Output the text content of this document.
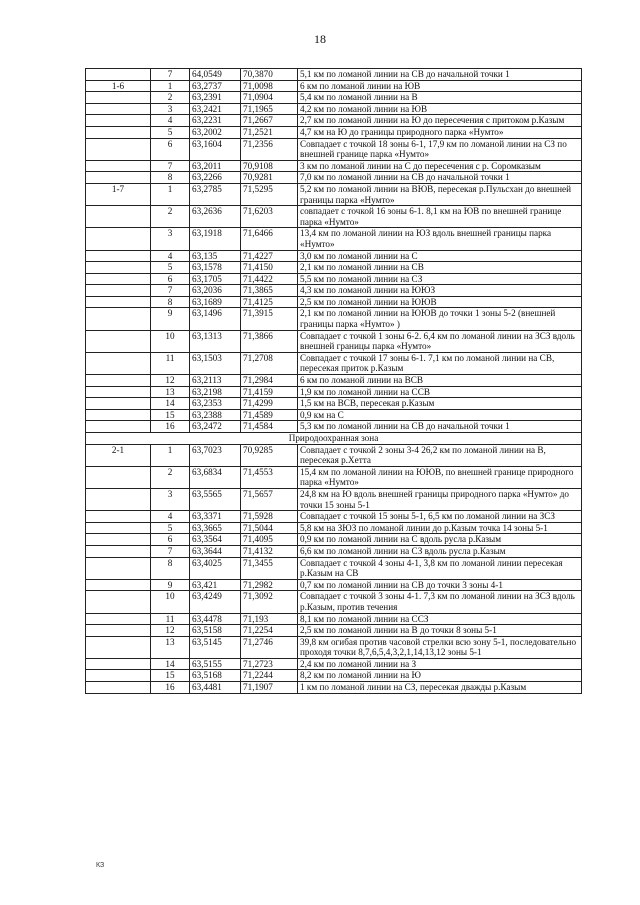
18
	7	64,0549	70,3870	5,1 км по ломаной линии на СВ до начальной точки 1
1-6	1	63,2737	71,0098	6 км по ломаной линии на ЮВ
	2	63,2391	71,0904	5,4 км по ломаной линии на В
	3	63,2421	71,1965	4,2 км по ломаной линии на ЮВ
	4	63,2231	71,2667	2,7 км по ломаной линии на Ю до пересечения с притоком р.Казым
	5	63,2002	71,2521	4,7 км на Ю до границы природного парка «Нумто»
	6	63,1604	71,2356	Совпадает с точкой 18 зоны 6-1, 17,9 км по ломаной линии на СЗ по внешней границе парка «Нумто»
	7	63,2011	70,9108	3 км по ломаной линии на С до пересечения с р. Соромказым
	8	63,2266	70,9281	7,0 км по ломаной линии на СВ до начальной точки 1
1-7	1	63,2785	71,5295	5,2 км по ломаной линии на ВЮВ, пересекая р.Пульсхан до внешней границы парка «Нумто»
	2	63,2636	71,6203	совпадает с точкой 16 зоны 6-1. 8,1 км на ЮВ по внешней границе парка «Нумто»
	3	63,1918	71,6466	13,4 км по ломаной линии на ЮЗ вдоль внешней границы парка «Нумто»
	4	63,135	71,4227	3,0 км по ломаной линии на С
	5	63,1578	71,4150	2,1 км по ломаной линии на СВ
	6	63,1705	71,4422	5,5 км по ломаной линии на СЗ
	7	63,2036	71,3865	4,3 км по ломаной линии на ЮЮЗ
	8	63,1689	71,4125	2,5 км по ломаной линии на ЮЮВ
	9	63,1496	71,3915	2,1 км по ломаной линии на ЮЮВ до точки 1 зоны 5-2 (внешней границы парка «Нумто» )
	10	63,1313	71,3866	Совпадает с точкой 1 зоны 6-2. 6,4 км по ломаной линии на ЗСЗ вдоль внешней границы парка «Нумто»
	11	63,1503	71,2708	Совпадает с точкой 17 зоны 6-1. 7,1 км по ломаной линии на СВ, пересекая приток р.Казым
	12	63,2113	71,2984	6 км по ломаной линии на ВСВ
	13	63,2198	71,4159	1,9 км по ломаной линии на ССВ
	14	63,2353	71,4299	1,5 км на ВСВ, пересекая р.Казым
	15	63,2388	71,4589	0,9 км на С
	16	63,2472	71,4584	5,3 км по ломаной линии на СВ до начальной точки 1
Природоохранная зона				
2-1	1	63,7023	70,9285	Совпадает с точкой 2 зоны 3-4 26,2 км по ломаной линии на В, пересекая р.Хетта
	2	63,6834	71,4553	15,4 км по ломаной линии на ЮЮВ, по внешней границе природного парка «Нумто»
	3	63,5565	71,5657	24,8 км на Ю вдоль внешней границы природного парка «Нумто» до точки 15 зоны 5-1
	4	63,3371	71,5928	Совпадает с точкой 15 зоны 5-1, 6,5 км по ломаной линии на ЗСЗ
	5	63,3665	71,5044	5,8 км на ЗЮЗ по ломаной линии до р.Казым точка 14 зоны 5-1
	6	63,3564	71,4095	0,9 км по ломаной линии на С вдоль русла р.Казым
	7	63,3644	71,4132	6,6 км по ломаной линии на СЗ вдоль русла р.Казым
	8	63,4025	71,3455	Совпадает с точкой 4 зоны 4-1, 3,8 км по ломаной линии пересекая р.Казым на СВ
	9	63,421	71,2982	0,7 км по ломаной линии на СВ до точки 3 зоны 4-1
	10	63,4249	71,3092	Совпадает с точкой 3 зоны 4-1. 7,3 км по ломаной линии на ЗСЗ вдоль р.Казым, против течения
	11	63,4478	71,193	8,1 км по ломаной линии на ССЗ
	12	63,5158	71,2254	2,5 км по ломаной линии на В до точки 8 зоны 5-1
	13	63,5145	71,2746	39,8 км огибая против часовой стрелки всю зону 5-1, последовательно проходя точки 8,7,6,5,4,3,2,1,14,13,12 зоны 5-1
	14	63,5155	71,2723	2,4 км по ломаной линии на З
	15	63,5168	71,2244	8,2 км по ломаной линии на Ю
	16	63,4481	71,1907	1 км по ломаной линии на СЗ, пересекая дважды р.Казым
КЗ
